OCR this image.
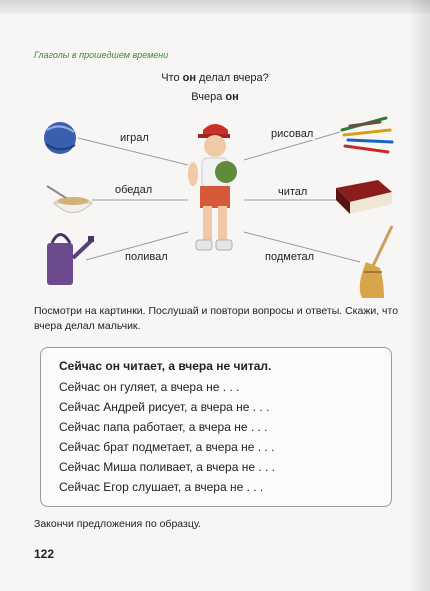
Глаголы в прошедшем времени
Что он делал вчера?
Вчера он
играл
обедал
поливал
рисовал
читал
подметал
Посмотри на картинки. Послушай и повтори вопросы и ответы. Скажи, что вчера делал мальчик.
Сейчас он читает, а вчера не читал.
Сейчас он гуляет, а вчера не . . .
Сейчас Андрей рисует, а вчера не . . .
Сейчас папа работает, а вчера не . . .
Сейчас брат подметает, а вчера не . . .
Сейчас Миша поливает, а вчера не . . .
Сейчас Егор слушает, а вчера не . . .
Закончи предложения по образцу.
122
